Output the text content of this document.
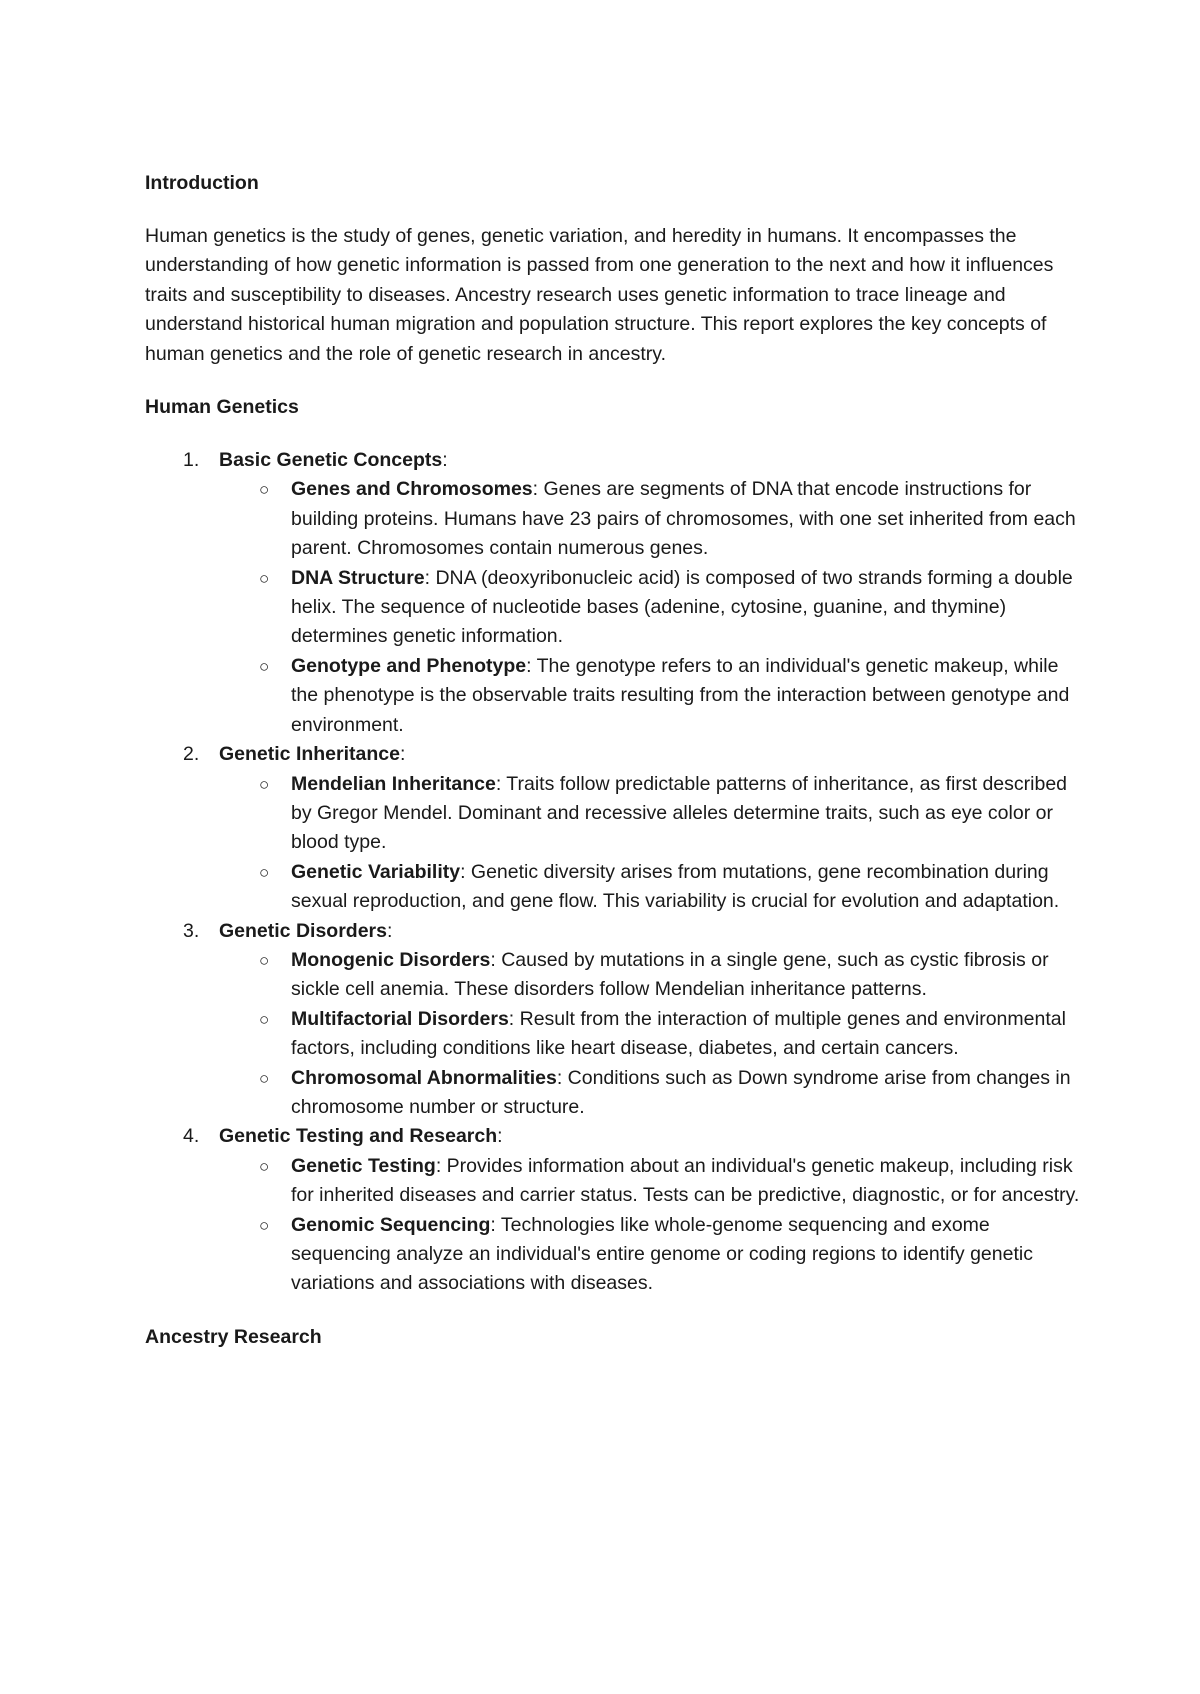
Introduction

Human genetics is the study of genes, genetic variation, and heredity in humans. It encompasses the understanding of how genetic information is passed from one generation to the next and how it influences traits and susceptibility to diseases. Ancestry research uses genetic information to trace lineage and understand historical human migration and population structure. This report explores the key concepts of human genetics and the role of genetic research in ancestry.

Human Genetics
1. Basic Genetic Concepts:
○ Genes and Chromosomes: Genes are segments of DNA that encode instructions for building proteins. Humans have 23 pairs of chromosomes, with one set inherited from each parent. Chromosomes contain numerous genes.
○ DNA Structure: DNA (deoxyribonucleic acid) is composed of two strands forming a double helix. The sequence of nucleotide bases (adenine, cytosine, guanine, and thymine) determines genetic information.
○ Genotype and Phenotype: The genotype refers to an individual's genetic makeup, while the phenotype is the observable traits resulting from the interaction between genotype and environment.
2. Genetic Inheritance:
○ Mendelian Inheritance: Traits follow predictable patterns of inheritance, as first described by Gregor Mendel. Dominant and recessive alleles determine traits, such as eye color or blood type.
○ Genetic Variability: Genetic diversity arises from mutations, gene recombination during sexual reproduction, and gene flow. This variability is crucial for evolution and adaptation.
3. Genetic Disorders:
○ Monogenic Disorders: Caused by mutations in a single gene, such as cystic fibrosis or sickle cell anemia. These disorders follow Mendelian inheritance patterns.
○ Multifactorial Disorders: Result from the interaction of multiple genes and environmental factors, including conditions like heart disease, diabetes, and certain cancers.
○ Chromosomal Abnormalities: Conditions such as Down syndrome arise from changes in chromosome number or structure.
4. Genetic Testing and Research:
○ Genetic Testing: Provides information about an individual's genetic makeup, including risk for inherited diseases and carrier status. Tests can be predictive, diagnostic, or for ancestry.
○ Genomic Sequencing: Technologies like whole-genome sequencing and exome sequencing analyze an individual's entire genome or coding regions to identify genetic variations and associations with diseases.
Ancestry Research
